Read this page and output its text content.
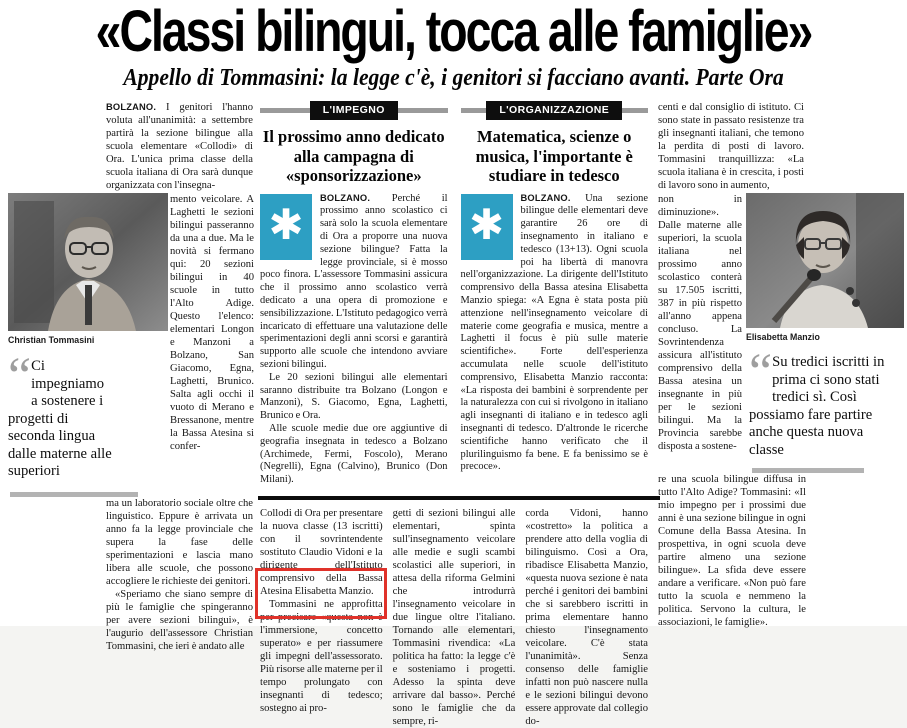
«Classi bilingui, tocca alle famiglie»
Appello di Tommasini: la legge c'è, i genitori si facciano avanti. Parte Ora

BOLZANO. I genitori l'hanno voluta all'unanimità: a settembre partirà la sezione bilingue alla scuola elementare «Collodi» di Ora. L'unica prima classe della scuola italiana di Ora sarà dunque organizzata con l'insegna-

Christian Tommasini
“ Ci impegniamo a sostenere i progetti di seconda lingua dalle materne alle superiori

mento veicolare. A Laghetti le sezioni bilingui passeranno da una a due. Ma le novità si fermano qui: 20 sezioni bilingui in 40 scuole in tutto l'Alto Adige. Questo l'elenco: elementari Longon e Manzoni a Bolzano, San Giacomo, Egna, Laghetti, Brunico. Salta agli occhi il vuoto di Merano e Bressanone, mentre la Bassa Atesina si confer-

ma un laboratorio sociale oltre che linguistico. Eppure è arrivata un anno fa la legge provinciale che supera la fase delle sperimentazioni e lascia mano libera alle scuole, che possono accogliere le richieste dei genitori.

«Speriamo che siano sempre di più le famiglie che spingeranno per avere sezioni bilingui», è l'augurio dell'assessore Christian Tommasini, che ieri è andato alle

L'IMPEGNO
Il prossimo anno dedicato alla campagna di «sponsorizzazione»
✱

BOLZANO. Perché il prossimo anno scolastico ci sarà solo la scuola elementare di Ora a proporre una nuova sezione bilingue? Fatta la legge provinciale, si è mosso poco finora. L'assessore Tommasini assicura che il prossimo anno scolastico verrà dedicato a una opera di promozione e sensibilizzazione. L'Istituto pedagogico verrà incaricato di effettuare una valutazione delle sperimentazioni degli anni scorsi e garantirà supporto alle scuole che intendono avviare sezioni bilingui.

Le 20 sezioni bilingui alle elementari saranno distribuite tra Bolzano (Longon e Manzoni), S. Giacomo, Egna, Laghetti, Brunico e Ora.

Alle scuole medie due ore aggiuntive di geografia insegnata in tedesco a Bolzano (Archimede, Fermi, Foscolo), Merano (Negrelli), Egna (Calvino), Brunico (Don Milani).

L'ORGANIZZAZIONE
Matematica, scienze o musica, l'importante è studiare in tedesco
✱

BOLZANO. Una sezione bilingue delle elementari deve garantire 26 ore di insegnamento in italiano e tedesco (13+13). Ogni scuola poi ha libertà di manovra nell'organizzazione. La dirigente dell'Istituto comprensivo della Bassa atesina Elisabetta Manzio spiega: «A Egna è stata posta più attenzione nell'insegnamento veicolare di materie come geografia e musica, mentre a Laghetti il focus è più sulle materie scientifiche». Forte dell'esperienza accumulata nelle scuole dell'istituto comprensivo, Elisabetta Manzio racconta: «La risposta dei bambini è sorprendente per la naturalezza con cui si rivolgono in italiano agli insegnanti di italiano e in tedesco agli insegnanti di tedesco. D'altronde le ricerche scientifiche hanno verificato che il plurilinguismo fa bene. E fa benissimo se è precoce».

Collodi di Ora per presentare la nuova classe (13 iscritti) con il sovrintendente sostituto Claudio Vidoni e la dirigente dell'Istituto comprensivo della Bassa Atesina Elisabetta Manzio.

Tommasini ne approfitta per precisare «questa non è l'immersione, concetto superato» e per riassumere gli impegni dell'assessorato. Più risorse alle materne per il tempo prolungato con insegnanti di tedesco; sostegno ai pro-

getti di sezioni bilingui alle elementari, spinta sull'insegnamento veicolare alle medie e sugli scambi scolastici alle superiori, in attesa della riforma Gelmini che introdurrà l'insegnamento veicolare in due lingue oltre l'italiano. Tornando alle elementari, Tommasini rivendica: «La politica ha fatto: la legge c'è e sosteniamo i progetti. Adesso la spinta deve arrivare dal basso». Perché sono le famiglie che da sempre, ri-

corda Vidoni, hanno «costretto» la politica a prendere atto della voglia di bilinguismo. Così a Ora, ribadisce Elisabetta Manzio, «questa nuova sezione è nata perché i genitori dei bambini che si sarebbero iscritti in prima elementare hanno chiesto l'insegnamento veicolare. C'è stata l'unanimità». Senza consenso delle famiglie infatti non può nascere nulla e le sezioni bilingui devono essere approvate dal collegio do-

centi e dal consiglio di istituto. Ci sono state in passato resistenze tra gli insegnanti italiani, che temono la perdita di posti di lavoro. Tommasini tranquillizza: «La scuola italiana è in crescita, i posti di lavoro sono in aumento,

non in diminuzione». Dalle materne alle superiori, la scuola italiana nel prossimo anno scolastico conterà su 17.505 iscritti, 387 in più rispetto all'anno appena concluso. La Sovrintendenza assicura all'istituto comprensivo della Bassa atesina un insegnante in più per le sezioni bilingui. Ma la Provincia sarebbe disposta a sostene-

Elisabetta Manzio
“ Su tredici iscritti in prima ci sono stati tredici sì. Così possiamo fare partire anche questa nuova classe

re una scuola bilingue diffusa in tutto l'Alto Adige? Tommasini: «Il mio impegno per i prossimi due anni è una sezione bilingue in ogni Comune della Bassa Atesina. In prospettiva, in ogni scuola deve partire almeno una sezione bilingue». La sfida deve essere andare a verificare. «Non può fare tutto la scuola e nemmeno la politica. Servono la cultura, le associazioni, le famiglie».
